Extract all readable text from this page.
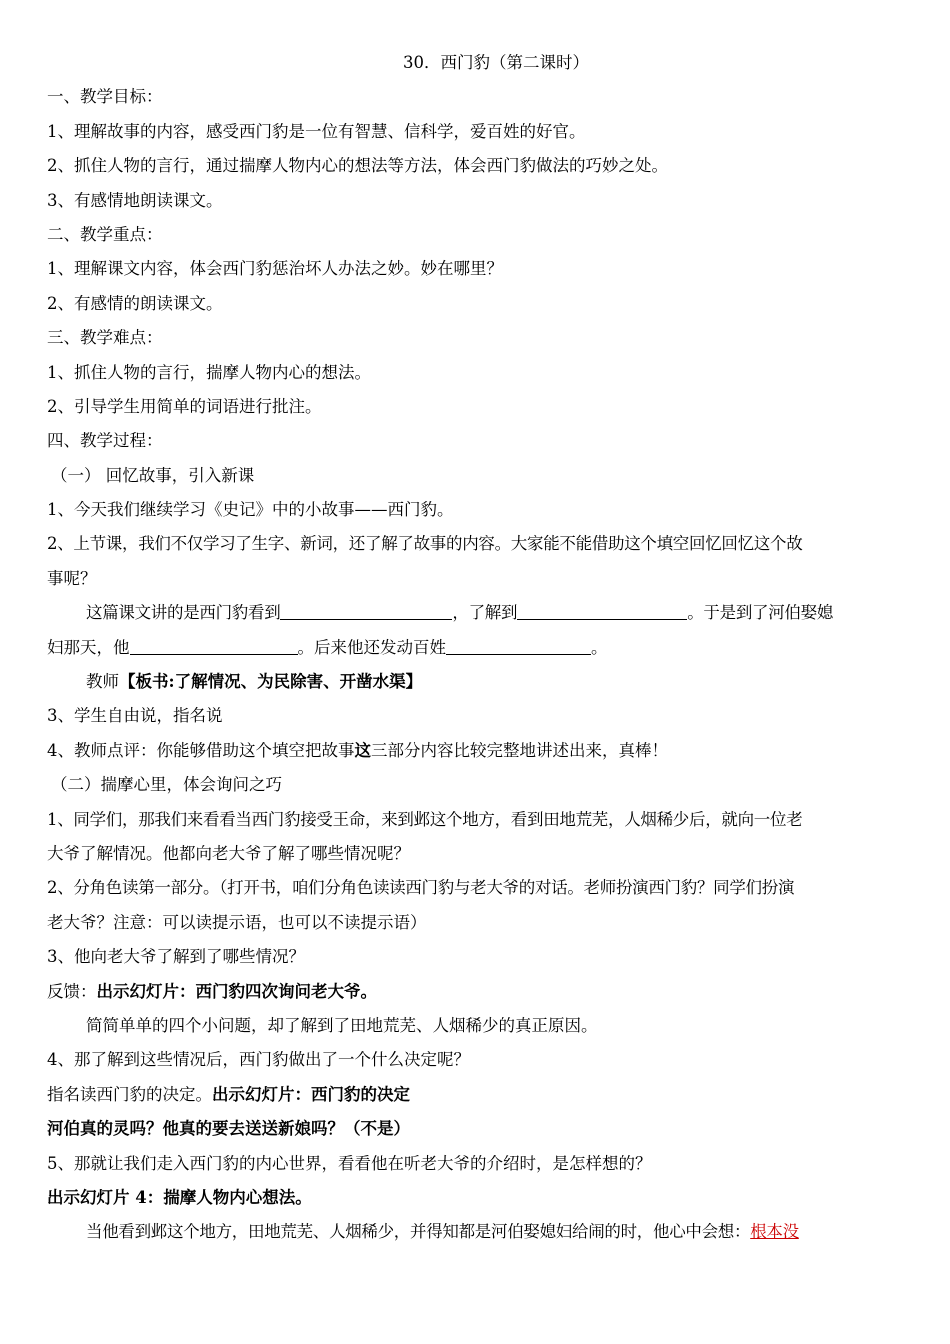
30．西门豹（第二课时）
一、教学目标：
1、理解故事的内容，感受西门豹是一位有智慧、信科学，爱百姓的好官。
2、抓住人物的言行，通过揣摩人物内心的想法等方法，体会西门豹做法的巧妙之处。
3、有感情地朗读课文。
二、教学重点：
1、理解课文内容，体会西门豹惩治坏人办法之妙。妙在哪里？
2、有感情的朗读课文。
三、教学难点：
1、抓住人物的言行，揣摩人物内心的想法。
2、引导学生用简单的词语进行批注。
四、教学过程：
（一） 回忆故事，引入新课
1、今天我们继续学习《史记》中的小故事——西门豹。
2、上节课，我们不仅学习了生字、新词，还了解了故事的内容。大家能不能借助这个填空回忆回忆这个故
事呢？
这篇课文讲的是西门豹看到	，了解到	。于是到了河伯娶媳
妇那天，他	。后来他还发动百姓	。
教师【板书:了解情况、为民除害、开凿水渠】
3、学生自由说，指名说
4、教师点评：你能够借助这个填空把故事这三部分内容比较完整地讲述出来，真棒！
（二）揣摩心里，体会询问之巧
1、同学们，那我们来看看当西门豹接受王命，来到邺这个地方，看到田地荒芜，人烟稀少后，就向一位老
大爷了解情况。他都向老大爷了解了哪些情况呢？
2、分角色读第一部分。（打开书，咱们分角色读读西门豹与老大爷的对话。老师扮演西门豹？同学们扮演
老大爷？注意：可以读提示语，也可以不读提示语）
3、他向老大爷了解到了哪些情况？
反馈：出示幻灯片：西门豹四次询问老大爷。
简简单单的四个小问题，却了解到了田地荒芜、人烟稀少的真正原因。
4、那了解到这些情况后，西门豹做出了一个什么决定呢？
指名读西门豹的决定。出示幻灯片：西门豹的决定
河伯真的灵吗？他真的要去送送新娘吗？（不是）
5、那就让我们走入西门豹的内心世界，看看他在听老大爷的介绍时，是怎样想的？
出示幻灯片 4：揣摩人物内心想法。
当他看到邺这个地方，田地荒芜、人烟稀少，并得知都是河伯娶媳妇给闹的时，他心中会想：根本没
